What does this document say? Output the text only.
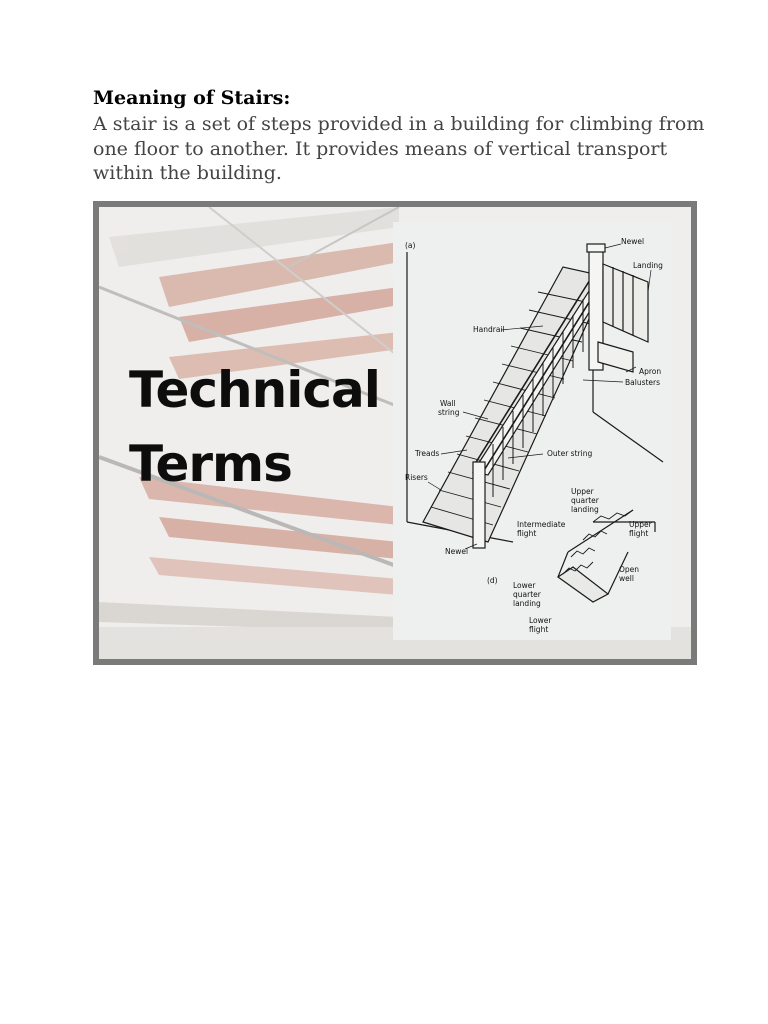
Meaning of Stairs:
A stair is a set of steps provided in a building for climbing from one floor to another. It provides means of vertical transport within the building.
Technical
Terms
(a)	Newel
Landing
Handrail
Apron
Balusters
Wall
string
Treads	Outer string
Risers
Newel
(d)
Upper
quarter
landing
Intermediate
flight
Upper
flight
Open
well
Lower
quarter
landing
Lower
flight
